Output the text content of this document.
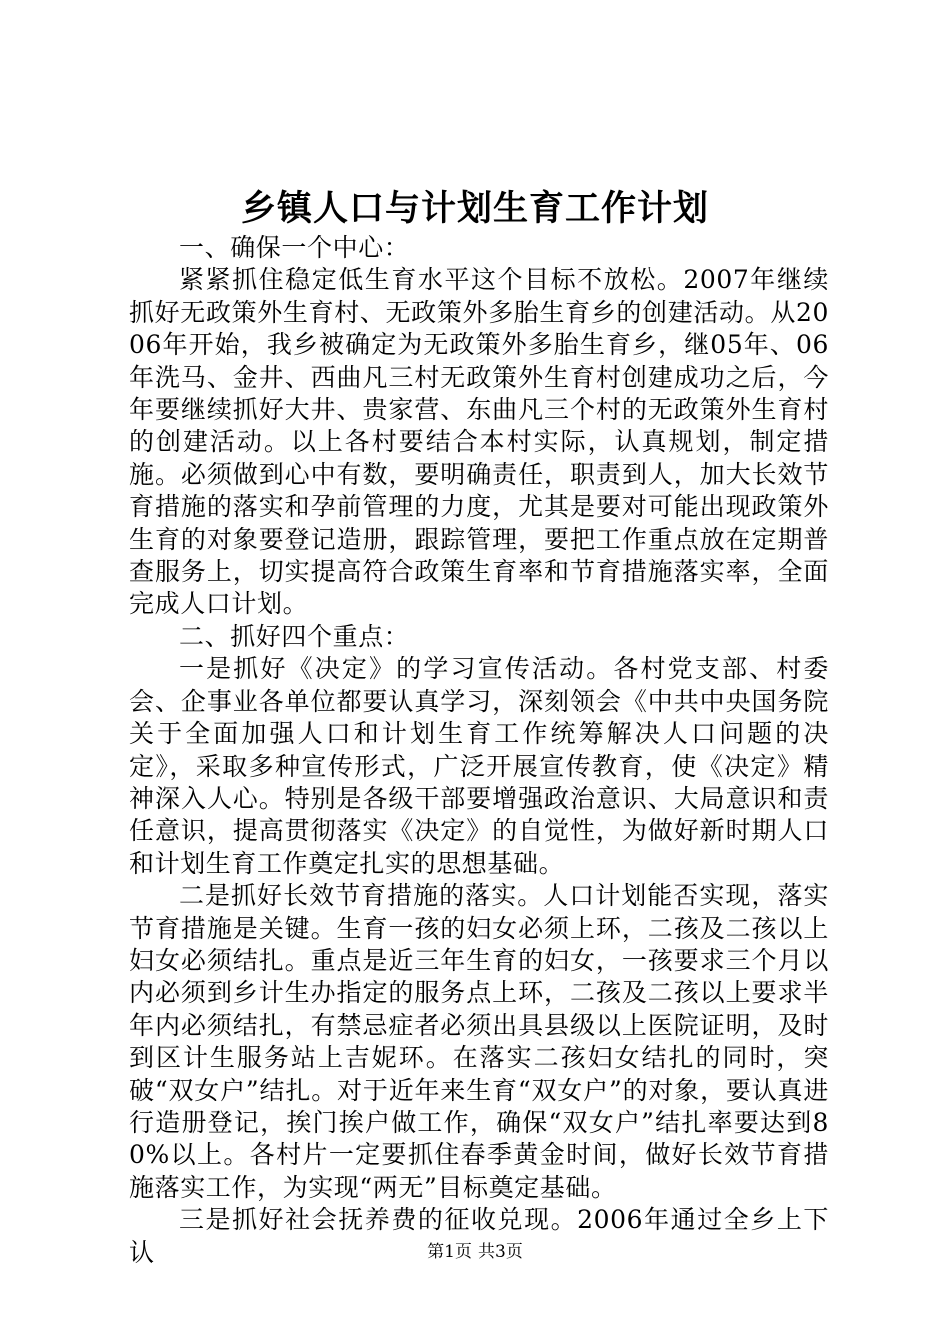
乡镇人口与计划生育工作计划

一、确保一个中心：

紧紧抓住稳定低生育水平这个目标不放松。2007年继续抓好无政策外生育村、无政策外多胎生育乡的创建活动。从2006年开始，我乡被确定为无政策外多胎生育乡，继05年、06年洗马、金井、西曲凡三村无政策外生育村创建成功之后，今年要继续抓好大井、贵家营、东曲凡三个村的无政策外生育村的创建活动。以上各村要结合本村实际，认真规划，制定措施。必须做到心中有数，要明确责任，职责到人，加大长效节育措施的落实和孕前管理的力度，尤其是要对可能出现政策外生育的对象要登记造册，跟踪管理，要把工作重点放在定期普查服务上，切实提高符合政策生育率和节育措施落实率，全面完成人口计划。

二、抓好四个重点：

一是抓好《决定》的学习宣传活动。各村党支部、村委会、企事业各单位都要认真学习，深刻领会《中共中央国务院关于全面加强人口和计划生育工作统筹解决人口问题的决定》，采取多种宣传形式，广泛开展宣传教育，使《决定》精神深入人心。特别是各级干部要增强政治意识、大局意识和责任意识，提高贯彻落实《决定》的自觉性，为做好新时期人口和计划生育工作奠定扎实的思想基础。

二是抓好长效节育措施的落实。人口计划能否实现，落实节育措施是关键。生育一孩的妇女必须上环，二孩及二孩以上妇女必须结扎。重点是近三年生育的妇女，一孩要求三个月以内必须到乡计生办指定的服务点上环，二孩及二孩以上要求半年内必须结扎，有禁忌症者必须出具县级以上医院证明，及时到区计生服务站上吉妮环。在落实二孩妇女结扎的同时，突破“双女户”结扎。对于近年来生育“双女户”的对象，要认真进行造册登记，挨门挨户做工作，确保“双女户”结扎率要达到80%以上。各村片一定要抓住春季黄金时间，做好长效节育措施落实工作，为实现“两无”目标奠定基础。

三是抓好社会抚养费的征收兑现。2006年通过全乡上下认	第1页 共3页
